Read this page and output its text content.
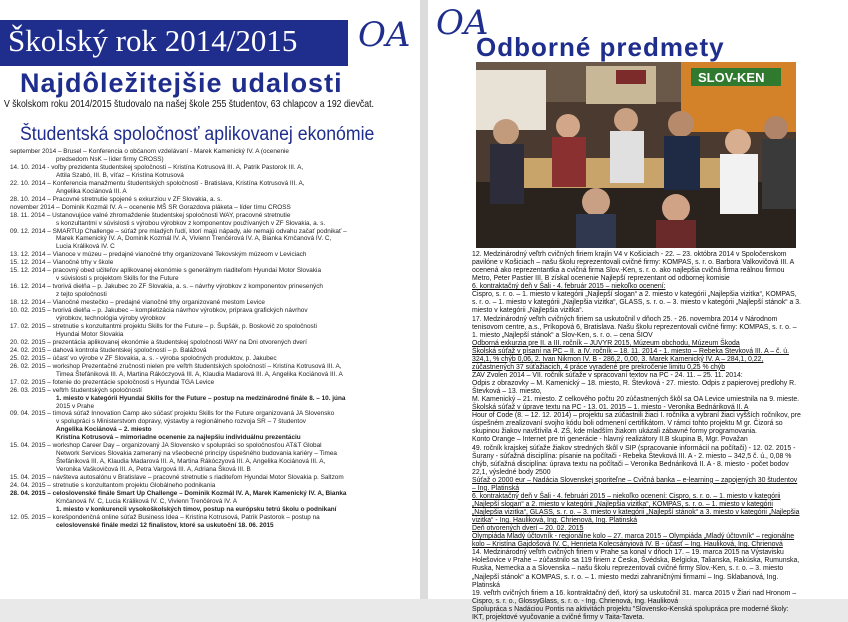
Školský rok 2014/2015 OA
Najdôležitejšie udalosti
V školskom roku 2014/2015 študovalo na našej škole 255 študentov, 63 chlapcov a 192 dievčat.
Študentská spoločnosť aplikovanej ekonómie
september 2014 – Brusel – Konferencia o občanom vzdelávaní - Marek Kamenický IV. A (ocenenie
predsedom NsK – líder firmy CROSS)
14. 10. 2014 - voľby prezidenta študentskej spoločnosti – Kristína Kotrusová III. A, Patrik Pastorok III. A,
Attila Szabó, III. B, víťaz – Kristína Kotrusová
22. 10. 2014 – Konferencia manažmentu študentských spoločností - Bratislava, Kristína Kotrusová III. A,
Angelika Kociánová III. A
28. 10. 2014 – Pracovné stretnutie spojené s exkurziou v ZF Slovakia, a. s.
november 2014 – Dominik Kozmál IV. A – ocenenie MŠ SR Gorazdova pláketa – líder tímu CROSS
18. 11. 2014 – Ustanovujúce valné zhromaždenie študentskej spoločnosti WAY, pracovné stretnutie
s konzultantmi v súvislosti s výrobou výrobkov z komponentov používaných v ZF Slovakia, a. s.
09. 12. 2014 – SMARTUp Challenge – súťaž pre mladých ľudí, ktorí majú nápady, ale nemajú odvahu začať podnikať –
Marek Kamenický IV. A, Dominik Kozmál IV. A, Vivienn Trenčérová IV. A, Bianka Krnčanová IV. C,
Lucia Králiková IV. C
13. 12. 2014 – Vianoce v múzeu – predajné vianočné trhy organizované Tekovským múzeom v Leviciach
15. 12. 2014 – Vianočné trhy v škole
15. 12. 2014 – pracovný obed učiteľov aplikovanej ekonómie s generálnym riaditeľom Hyundai Motor Slovakia
v súvislosti s projektom Skills for the Future
16. 12. 2014 – tvorivá dielňa – p. Jakubec zo ZF Slovakia, a. s. – návrhy výrobkov z komponentov prinesených
z tejto spoločnosti
18. 12. 2014 – Vianočné mestečko – predajné vianočné trhy organizované mestom Levice
10. 02. 2015 – tvorivá dielňa – p. Jakubec – kompletizácia návrhov výrobkov, príprava grafických návrhov
výrobkov, technológia výroby výrobkov
17. 02. 2015 – stretnutie s konzultantmi projektu Skills for the Future – p. Šupšák, p. Boskovič zo spoločnosti
Hyundai Motor Slovakia
20. 02. 2015 – prezentácia aplikovanej ekonómie a študentskej spoločnosti WAY na Dni otvorených dverí
24. 02. 2015 – dahová kontrola študentskej spoločnosti – p. Balážová
25. 02. 2015 – účasť vo výrobe v ZF Slovakia, a. s. - výroba spoločných produktov, p. Jakubec
26. 02. 2015 – workshop Prezentačné zručnosti nielen pre veľtrh študentských spoločností – Kristína Kotrusová III. A,
Timea Štefániková III. A, Martina Rákóczyová III. A, Klaudia Madarová III. A, Angelika Kociánová III. A
17. 02. 2015 – fotenie do prezentácie spoločnosti s Hyundai TGA Levice
26. 03. 2015 – veľtrh študentských spoločností
1. miesto v kategórii Hyundai Skills for the Future – postup na medzinárodné finále 8. – 10. júna
2015 v Prahe
09. 04. 2015 – tímová súťaž Innovation Camp ako súčasť projektu Skills for the Future organizovaná JA Slovensko
v spolupráci s Ministerstvom dopravy, výstavby a regionálneho rozvoja SR – 7 študentov
Angelika Kociánová – 2. miesto
Kristína Kotrusová – mimoriadne ocenenie za najlepšiu individuálnu prezentáciu
15. 04. 2015 – workshop Career Day – organizovaný JA Slovensko v spolupráci so spoločnosťou AT&T Global
Network Services Slovakia zameraný na všeobecné princípy úspešného budovania kariéry – Timea
Štefániková III. A, Klaudia Madarová III. A, Martina Rákóczyová III. A, Angelika Kociánová III. A,
Veronika Vaškovičová III. A, Petra Vargová III. A, Adriana Šková III. B
15. 04. 2015 – návšteva autosalónu v Bratislave – pracovné stretnutie s riaditeľom Hyundai Motor Slovakia p. Saltzom
24. 04. 2015 – stretnutie s konzultantom projektu Globálneho podnikania
28. 04. 2015 – celoslovenské finále Smart Up Challenge – Dominik Kozmál IV. A, Marek Kamenický IV. A, Bianka
Krnčanová IV. C, Lucia Králiková IV. C, Vivienn Trenčérová IV. A
1. miesto v konkurencii vysokoškolských tímov, postup na európsku tetrú školu o podnikaní
12. 05. 2015 – korešpondenčná online súťaž Business Idea – Kristína Kotrusová, Patrik Pastorok – postup na
celoslovenské finále medzi 12 finalistov, ktoré sa uskutoční 18. 06. 2015
OA
Odborné predmety
SLOV-KEN

12. Medzinárodný veľtrh cvičných firiem krajín V4 v Košiciach - 22. – 23. októbra 2014 v Spoločenskom pavilóne v Košiciach – našu školu reprezentovali cvičné firmy: KOMPAS, s. r. o. Barbora Valkovičová III. A ocenená ako reprezentantka a cvičná firma Slov.-Ken, s. r. o. ako najlepšia cvičná firma reálnou firmou Metro, Peter Pastier III. B získal ocenenie Najlepší reprezentant od odbornej komisie

6. kontraktačný deň v Šali - 4. február 2015 – niekoľko ocenení:

Cispro, s. r. o. – 1. miesto v kategórii „Najlepší slogan“ a 2. miesto v kategórii „Najlepšia vizitka“, KOMPAS, s. r. o. – 1. miesto v kategórii „Najlepšia vizitka“, GLASS, s. r. o. – 3. miesto v kategórii „Najlepší stánok“ a 3. miesto v kategórii „Najlepšia vizitka“.

17. Medzinárodný veľtrh cvičných firiem sa uskutočnil v dňoch 25. - 26. novembra 2014 v Národnom tenisovom centre, a.s., Príkopová 6, Bratislava. Našu školu reprezentovali cvičné firmy: KOMPAS, s. r. o. – 1. miesto „Najlepší stánok“ a Slov-Ken, s. r. o. – cena ŠIOV

Odborná exkurzia pre II. a III. ročník – JUVYR 2015, Múzeum obchodu, Múzeum Škoda

Školská súťaž v písaní na PC – II. a IV. ročník – 18. 11. 2014 - 1. miesto – Rebeka Števková III. A – č. ú. 324,1, % chýb 0,06, 2. Ivan Nikmon IV. B - 286,2, 0,00, 3. Marek Kamenický IV. A – 284,1, 0,22, zúčastnených 37 súťažiacich, 4 práce vyradené pre prekročenie limitu 0,25 % chýb

ZAV Zvolen 2014 – VII. ročník súťaže v spracovaní textov na PC - 24. 11. – 25. 11. 2014:

Odpis z obrazovky – M. Kamenický – 18. miesto, R. Števková - 27. miesto. Odpis z papierovej predlohy R. Števková – 13. miesto,

M. Kamenický – 21. miesto. Z celkového počtu 20 zúčastnených škôl sa OA Levice umiestnila na 9. mieste.

Školská súťaž v úprave textu na PC - 13. 01. 2015 – 1. miesto - Veronika Bednáriková II. A

Hour of Code (8. – 12. 12. 2014) – projektu sa zúčastnili žiaci I. ročníka a vybraní žiaci vyšších ročníkov, pre úspešném zrealizovaní svojho kódu boli odmenení certifikátom. V rámci tohto projektu M gr. Čizorá so skupinou žiakov navštívila 4. ZŠ, kde mladším žiakom ukázali zábavné formy programovania.

Konto Orange – Internet pre tri generácie - hlavný realizátory II.B skupina B, Mgr. Považan

49. ročník krajskej súťaže žiakov stredných škôl v SIP (spracovanie informácií na počítači) - 12. 02. 2015 - Šurany - súťažná disciplína: písanie na počítači - Rebeka Števková III. A - 2. miesto – 342,5 č. ú., 0,08 % chýb, súťažná disciplína: úprava textu na počítači – Veronika Bednáriková II. A - 8. miesto - počet bodov 22,1, výsledné body 2500

Súťaž o 2000 eur – Nadácia Slovenskej sporiteľne – Cvičná banka – e-learning – zapojených 30 študentov – Ing. Platinská

6. kontraktačný deň v Šali - 4. februári 2015 – niekoľko ocenení: Cispro, s. r. o. – 1. miesto v kategórii „Najlepší slogan“ a 2. miesto v kategórii „Najlepšia vizitka“, KOMPAS, s. r. o. – 1. miesto v kategórii „Najlepšia vizitka“, GLASS, s. r. o. – 3. miesto v kategórii „Najlepší stánok“ a 3. miesto v kategórii „Najlepšia vizitka“ - Ing. Hauliková, Ing. Chrienová, Ing. Platinská

Deň otvorených dverí – 20. 02. 2015

Olympiáda Mladý účtovník - regionálne kolo – 27. marca 2015 – Olympiáda „Mladý účtovník“ – regionálne kolo – Kristína Gajdošová IV. C, Henrieta Kolecsányiová IV. B - účasť – Ing. Hauliková, Ing. Chrienová

14. Medzinárodný veľtrh cvičných firiem v Prahe sa konal v dňoch 17. – 19. marca 2015 na Výstavisku Holešovice v Prahe – zúčastnilo sa 119 firiem z Česka, Švédska, Belgicka, Talianska, Rakúska, Rumunska, Ruska, Nemecka a a Slovenska – našu školu reprezentovali cvičné firmy Slov.-Ken, s. r. o. – 3. miesto „Najlepší stánok“ a KOMPAS, s. r. o. – 1. miesto medzi zahraničnými firmami – Ing. Sklabanová, Ing. Platinská

19. veľtrh cvičných firiem a 16. kontraktačný deň, ktorý sa uskutočnil 31. marca 2015 v Žiari nad Hronom – Cispro, s. r. o., GlossyGlass, s. r. o. - Ing. Chrienová, Ing. Hauliková

Spolupráca s Nadáciou Pontis na aktivitách projektu "Slovensko-Kenská spolupráca pre moderné školy: IKT, projektové vyučovanie a cvičné firmy v Taita-Taveta.
